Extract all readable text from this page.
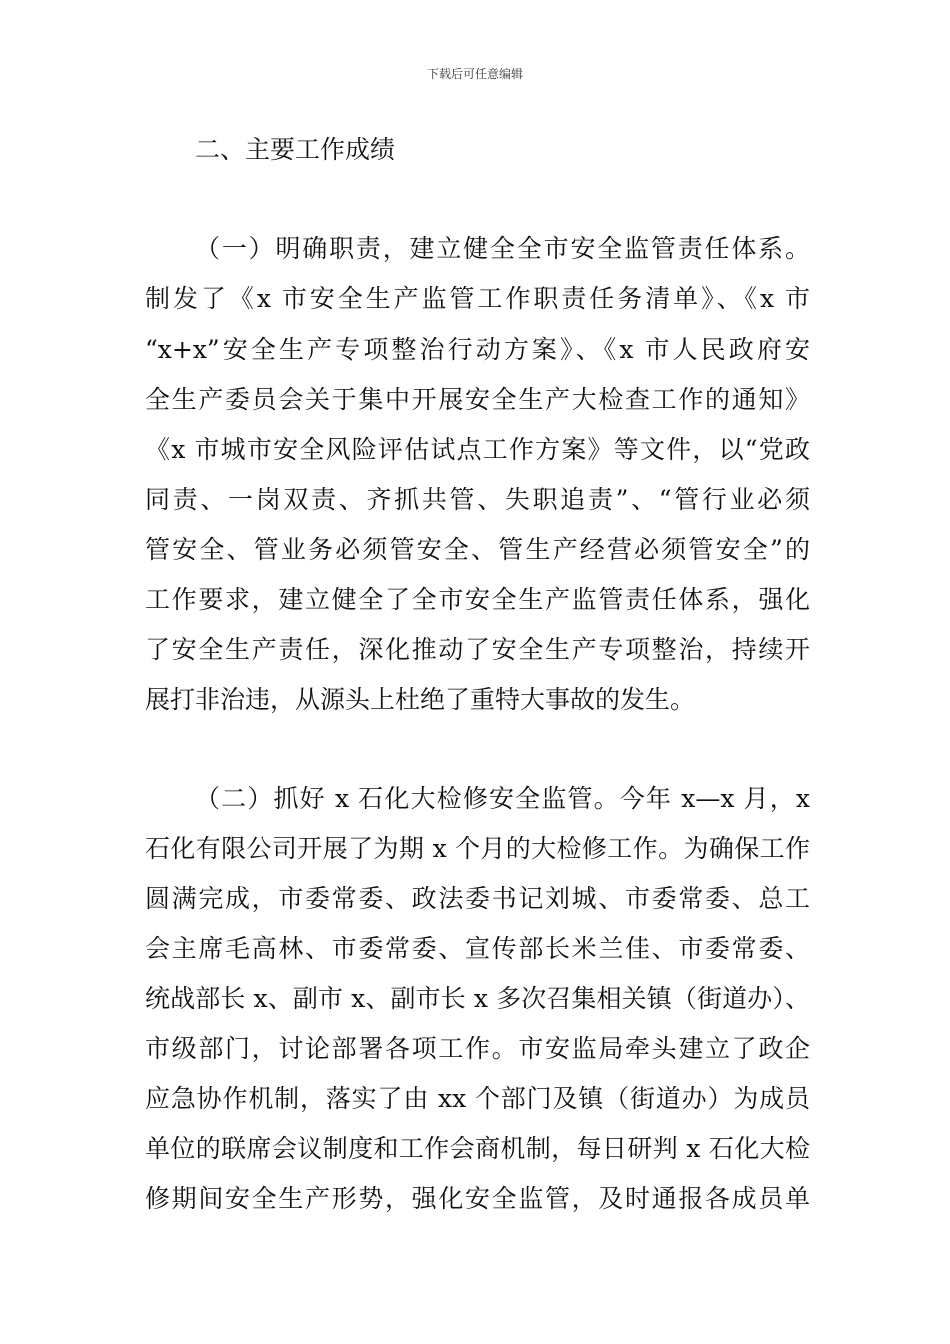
下载后可任意编辑
二、主要工作成绩
（一）明确职责，建立健全全市安全监管责任体系。
制发了《x 市安全生产监管工作职责任务清单》、《x 市
“x+x”安全生产专项整治行动方案》、《x 市人民政府安
全生产委员会关于集中开展安全生产大检查工作的通知》
《x 市城市安全风险评估试点工作方案》等文件，以“党政
同责、一岗双责、齐抓共管、失职追责”、“管行业必须
管安全、管业务必须管安全、管生产经营必须管安全”的
工作要求，建立健全了全市安全生产监管责任体系，强化
了安全生产责任，深化推动了安全生产专项整治，持续开
展打非治违，从源头上杜绝了重特大事故的发生。
（二）抓好 x 石化大检修安全监管。今年 x—x 月，x
石化有限公司开展了为期 x 个月的大检修工作。为确保工作
圆满完成，市委常委、政法委书记刘城、市委常委、总工
会主席毛高林、市委常委、宣传部长米兰佳、市委常委、
统战部长 x、副市 x、副市长 x 多次召集相关镇（街道办）、
市级部门，讨论部署各项工作。市安监局牵头建立了政企
应急协作机制，落实了由 xx 个部门及镇（街道办）为成员
单位的联席会议制度和工作会商机制，每日研判 x 石化大检
修期间安全生产形势，强化安全监管，及时通报各成员单
